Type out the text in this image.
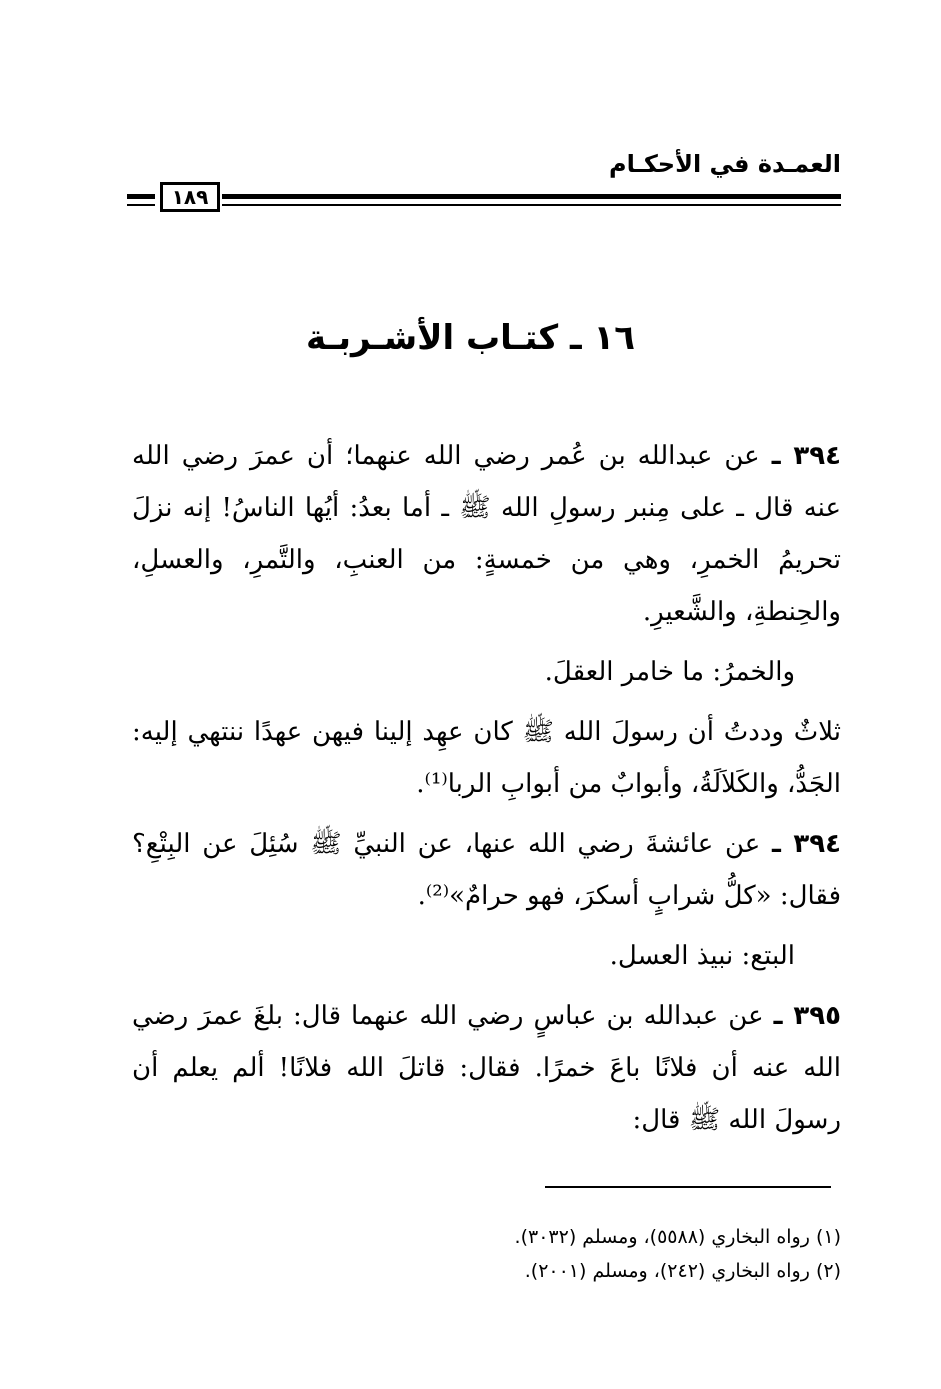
العمـدة في الأحكـام
١٨٩
١٦ ـ كتـاب الأشـربـة

٣٩٤ ـ عن عبدالله بن عُمر رضي الله عنهما؛ أن عمرَ رضي الله عنه قال ـ على مِنبر رسولِ الله ﷺ ـ أما بعدُ: أيُها الناسُ! إنه نزلَ تحريمُ الخمرِ، وهي من خمسةٍ: من العنبِ، والتَّمرِ، والعسلِ، والحِنطةِ، والشَّعيرِ.

والخمرُ: ما خامر العقلَ.

ثلاثٌ وددتُ أن رسولَ الله ﷺ كان عهِد إلينا فيهن عهدًا ننتهي إليه: الجَدُّ، والكَلاَلَةُ، وأبوابٌ من أبوابِ الربا⁽¹⁾.

٣٩٤ ـ عن عائشةَ رضي الله عنها، عن النبيِّ ﷺ سُئِلَ عن البِتْعِ؟ فقال: «كلُّ شرابٍ أسكرَ، فهو حرامٌ»⁽²⁾.

البتع: نبيذ العسل.

٣٩٥ ـ عن عبدالله بن عباسٍ رضي الله عنهما قال: بلغَ عمرَ رضي الله عنه أن فلانًا باعَ خمرًا. فقال: قاتلَ الله فلانًا! ألم يعلم أن رسولَ الله ﷺ قال:

(١) رواه البخاري (٥٥٨٨)، ومسلم (٣٠٣٢).
(٢) رواه البخاري (٢٤٢)، ومسلم (٢٠٠١).
